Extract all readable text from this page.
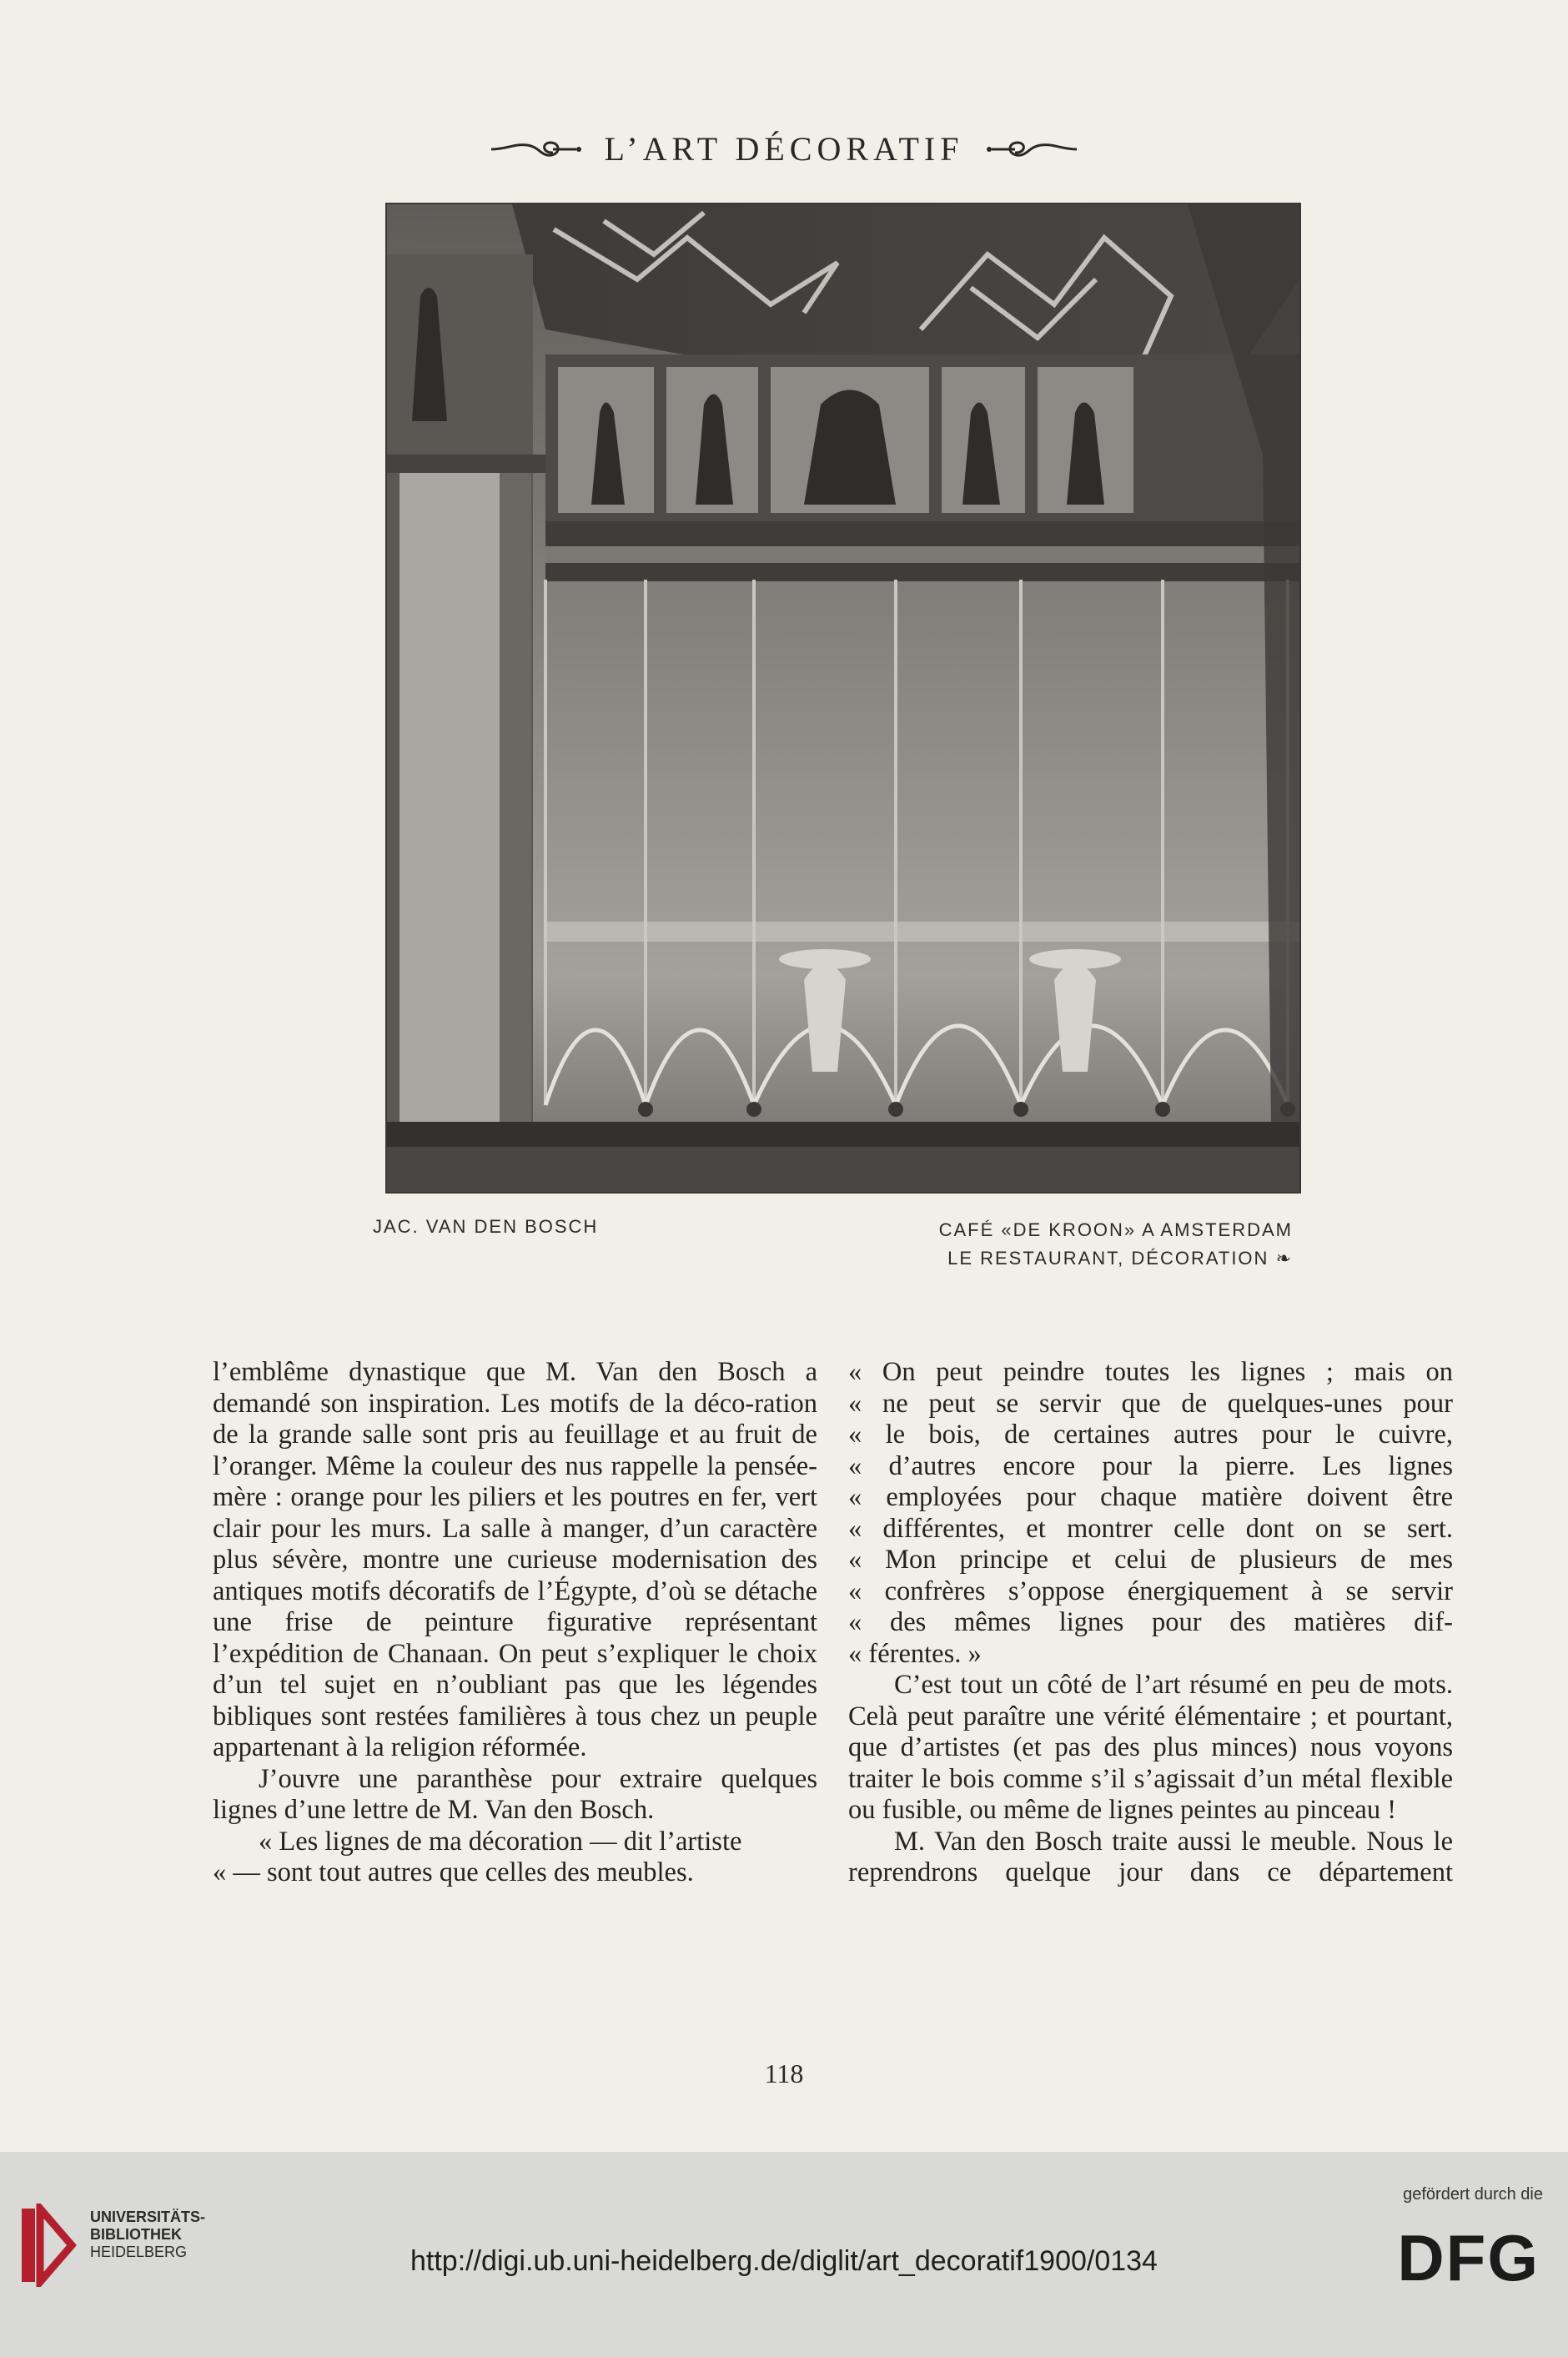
L’ART DÉCORATIF
JAC. VAN DEN BOSCH	CAFÉ «DE KROON» A AMSTERDAM
LE RESTAURANT, DÉCORATION ❧

l’emblême dynastique que M. Van den Bosch a demandé son inspiration. Les motifs de la déco-ration de la grande salle sont pris au feuillage et au fruit de l’oranger. Même la couleur des nus rappelle la pensée-mère : orange pour les piliers et les poutres en fer, vert clair pour les murs. La salle à manger, d’un caractère plus sévère, montre une curieuse modernisation des antiques motifs décoratifs de l’Égypte, d’où se détache une frise de peinture figurative représentant l’expédition de Chanaan. On peut s’expliquer le choix d’un tel sujet en n’oubliant pas que les légendes bibliques sont restées familières à tous chez un peuple appartenant à la religion réformée.

J’ouvre une paranthèse pour extraire quelques lignes d’une lettre de M. Van den Bosch.

« Les lignes de ma décoration — dit l’artiste

« — sont tout autres que celles des meubles.

« On peut peindre toutes les lignes ; mais on

« ne peut se servir que de quelques-unes pour

« le bois, de certaines autres pour le cuivre,

« d’autres encore pour la pierre. Les lignes

« employées pour chaque matière doivent être

« différentes, et montrer celle dont on se sert.

« Mon principe et celui de plusieurs de mes

« confrères s’oppose énergiquement à se servir

« des mêmes lignes pour des matières dif-

« férentes. »

C’est tout un côté de l’art résumé en peu de mots. Celà peut paraître une vérité élémentaire ; et pourtant, que d’artistes (et pas des plus minces) nous voyons traiter le bois comme s’il s’agissait d’un métal flexible ou fusible, ou même de lignes peintes au pinceau !

M. Van den Bosch traite aussi le meuble. Nous le reprendrons quelque jour dans ce département

118
UNIVERSITÄTS-
BIBLIOTHEK
HEIDELBERG	http://digi.ub.uni-heidelberg.de/diglit/art_decoratif1900/0134
gefördert durch die
DFG
